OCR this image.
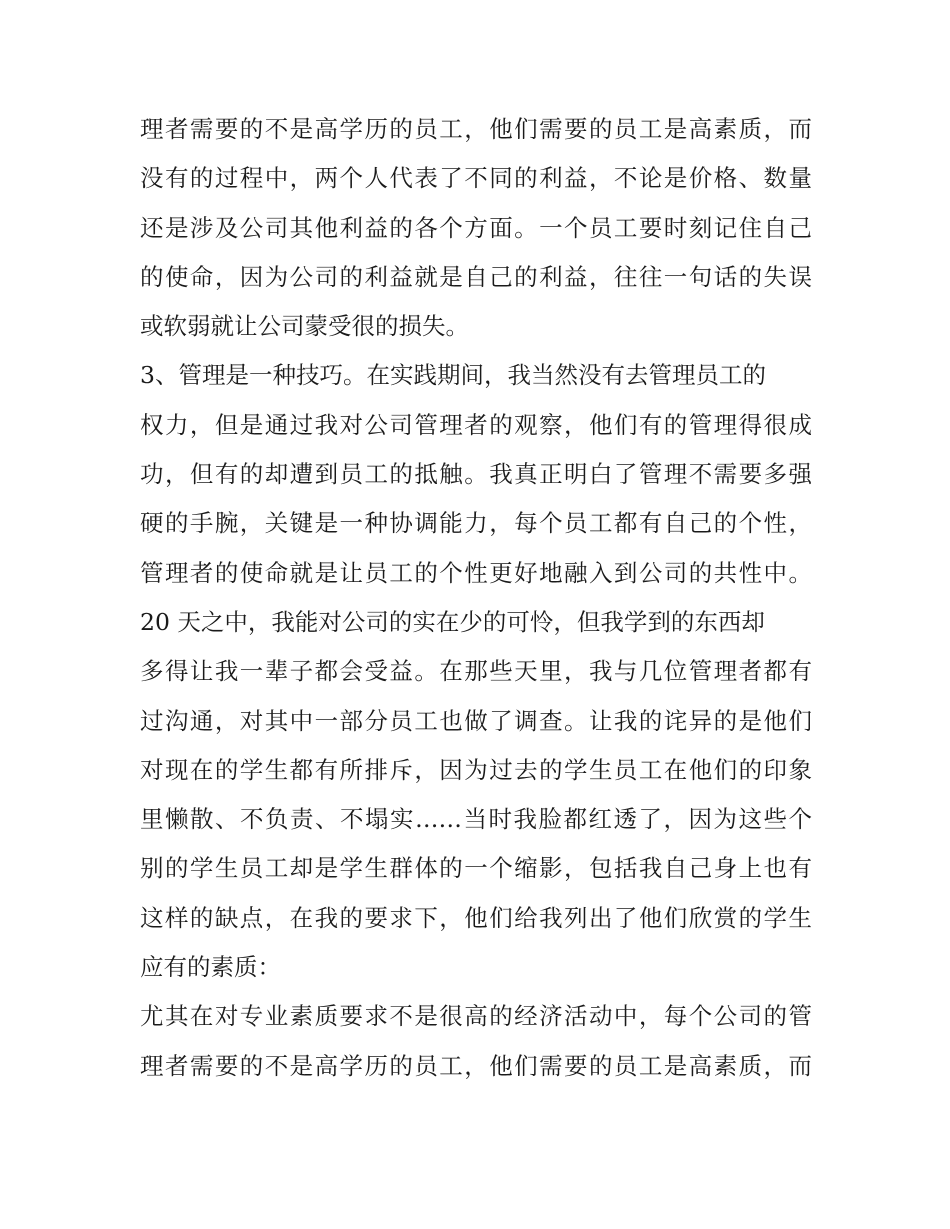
理者需要的不是高学历的员工，他们需要的员工是高素质，而
没有的过程中，两个人代表了不同的利益，不论是价格、数量
还是涉及公司其他利益的各个方面。一个员工要时刻记住自己
的使命，因为公司的利益就是自己的利益，往往一句话的失误
或软弱就让公司蒙受很的损失。
3、管理是一种技巧。在实践期间，我当然没有去管理员工的
权力，但是通过我对公司管理者的观察，他们有的管理得很成
功，但有的却遭到员工的抵触。我真正明白了管理不需要多强
硬的手腕，关键是一种协调能力，每个员工都有自己的个性，
管理者的使命就是让员工的个性更好地融入到公司的共性中。
20 天之中，我能对公司的实在少的可怜，但我学到的东西却
多得让我一辈子都会受益。在那些天里，我与几位管理者都有
过沟通，对其中一部分员工也做了调查。让我的诧异的是他们
对现在的学生都有所排斥，因为过去的学生员工在他们的印象
里懒散、不负责、不塌实……当时我脸都红透了，因为这些个
别的学生员工却是学生群体的一个缩影，包括我自己身上也有
这样的缺点，在我的要求下，他们给我列出了他们欣赏的学生
应有的素质：
尤其在对专业素质要求不是很高的经济活动中，每个公司的管
理者需要的不是高学历的员工，他们需要的员工是高素质，而
